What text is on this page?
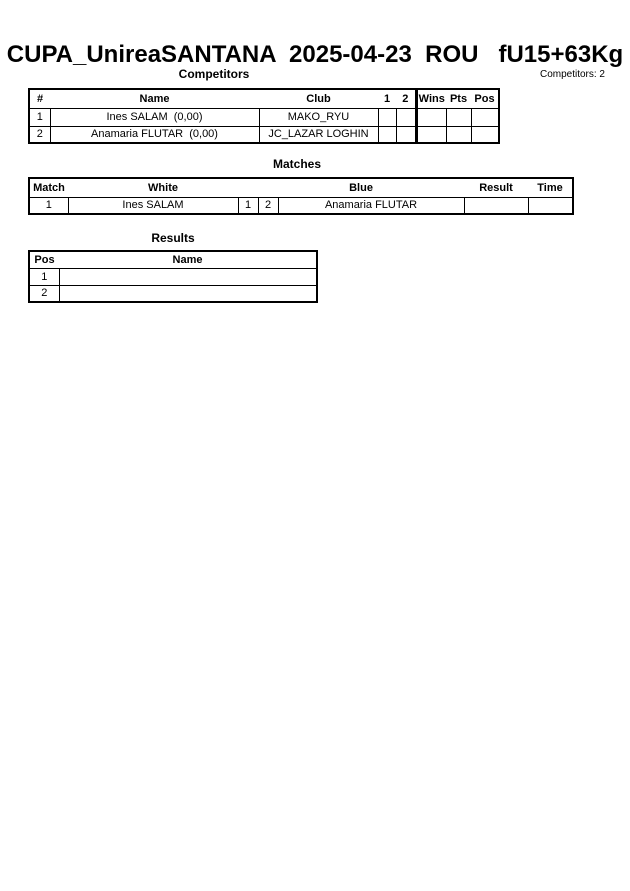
CUPA_UnireaSANTANA  2025-04-23  ROU   fU15+63Kg
Competitors	Competitors: 2
#	Name	Club	1	2	Wins	Pts	Pos
1	Ines SALAM  (0,00)	MAKO_RYU					
2	Anamaria FLUTAR  (0,00)	JC_LAZAR LOGHIN					
Matches
Match	White		Blue		Result	Time
1	Ines SALAM	1	2	Anamaria FLUTAR		
Results
Pos	Name
1	
2	
